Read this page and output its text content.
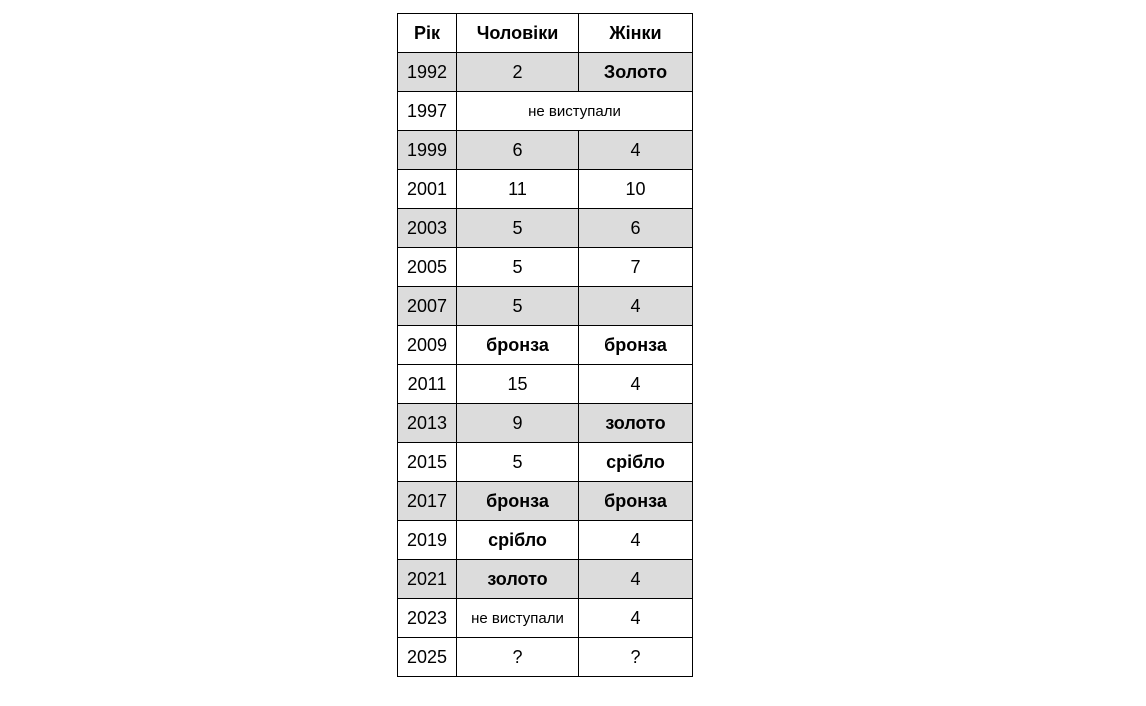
Рік	Чоловіки	Жінки
1992	2	Золото
1997	не виступали	
1999	6	4
2001	11	10
2003	5	6
2005	5	7
2007	5	4
2009	бронза	бронза
2011	15	4
2013	9	золото
2015	5	срібло
2017	бронза	бронза
2019	срібло	4
2021	золото	4
2023	не виступали	4
2025	?	?
